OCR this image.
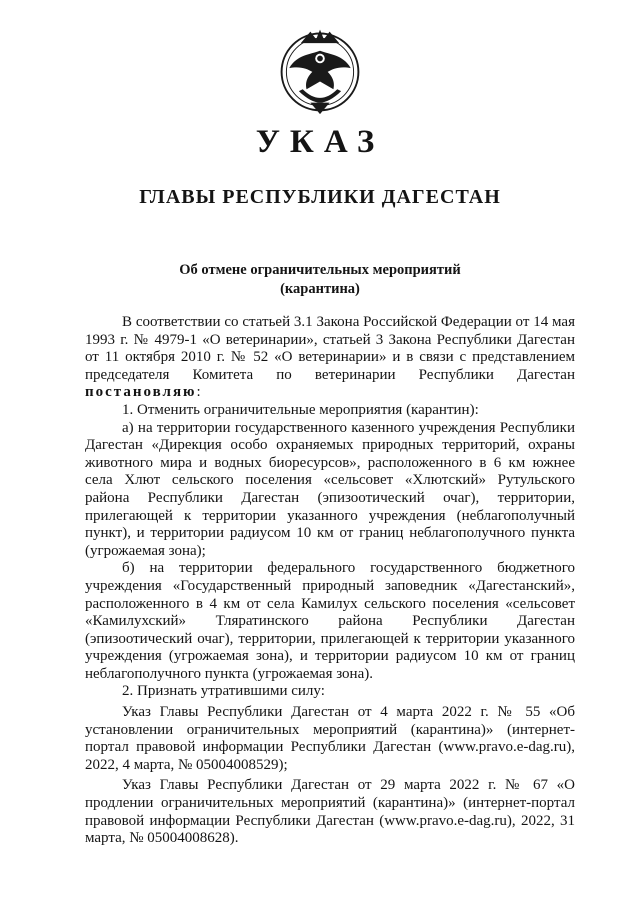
УКАЗ
ГЛАВЫ РЕСПУБЛИКИ ДАГЕСТАН
Об отмене ограничительных мероприятий
(карантина)

В соответствии со статьей 3.1 Закона Российской Федерации от 14 мая 1993 г. № 4979-1 «О ветеринарии», статьей 3 Закона Республики Дагестан от 11 октября 2010 г. № 52 «О ветеринарии» и в связи с представлением председателя Комитета по ветеринарии Республики Дагестан постановляю:

1. Отменить ограничительные мероприятия (карантин):

а) на территории государственного казенного учреждения Республики Дагестан «Дирекция особо охраняемых природных территорий, охраны животного мира и водных биоресурсов», расположенного в 6 км южнее села Хлют сельского поселения «сельсовет «Хлютский» Рутульского района Республики Дагестан (эпизоотический очаг), территории, прилегающей к территории указанного учреждения (неблагополучный пункт), и территории радиусом 10 км от границ неблагополучного пункта (угрожаемая зона);

б) на территории федерального государственного бюджетного учреждения «Государственный природный заповедник «Дагестанский», расположенного в 4 км от села Камилух сельского поселения «сельсовет «Камилухский» Тляратинского района Республики Дагестан (эпизоотический очаг), территории, прилегающей к территории указанного учреждения (угрожаемая зона), и территории радиусом 10 км от границ неблагополучного пункта (угрожаемая зона).

2. Признать утратившими силу:

Указ Главы Республики Дагестан от 4 марта 2022 г. № 55 «Об установлении ограничительных мероприятий (карантина)» (интернет-портал правовой информации Республики Дагестан (www.pravo.e-dag.ru), 2022, 4 марта, № 05004008529);

Указ Главы Республики Дагестан от 29 марта 2022 г. № 67 «О продлении ограничительных мероприятий (карантина)» (интернет-портал правовой информации Республики Дагестан (www.pravo.e-dag.ru), 2022, 31 марта, № 05004008628).
